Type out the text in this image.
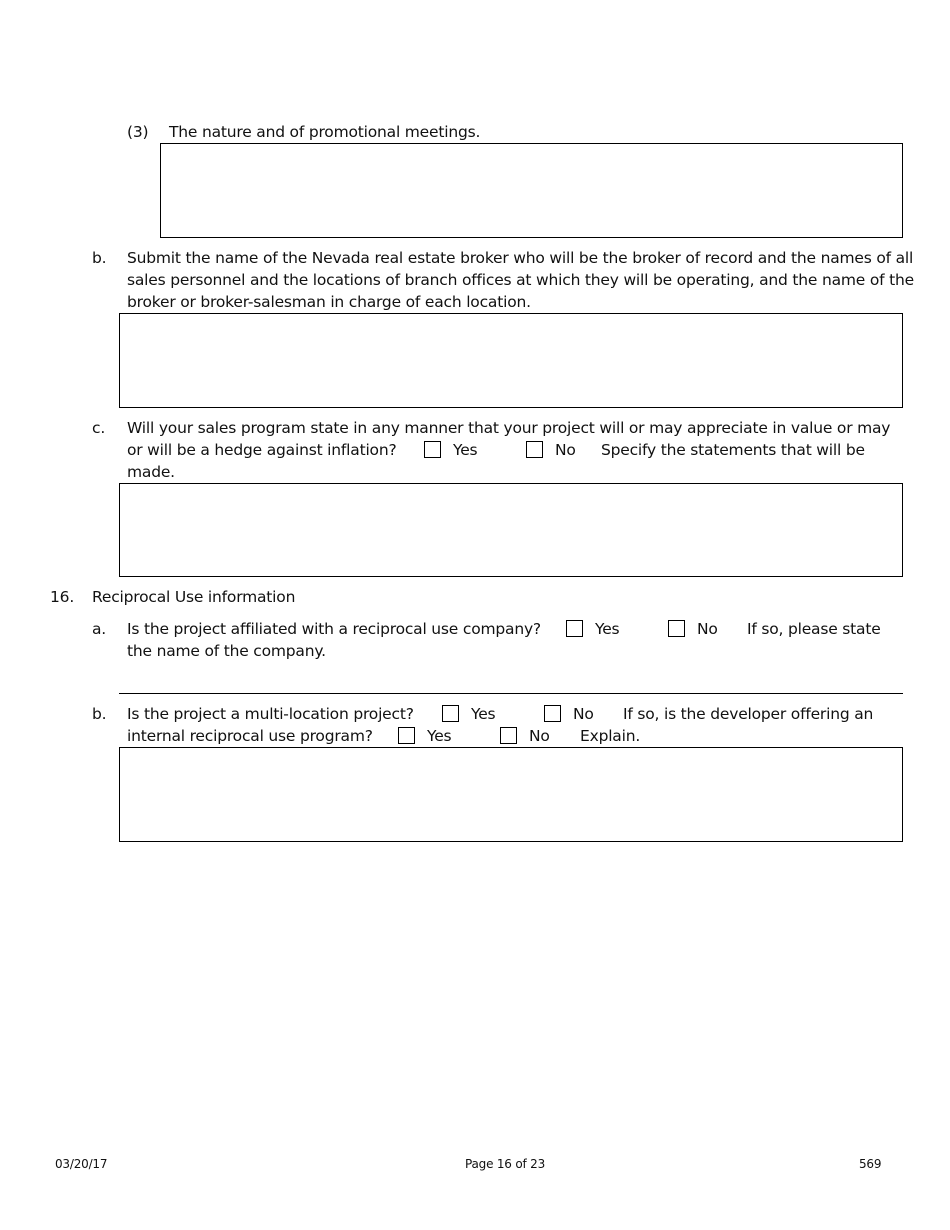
(3) The nature and of promotional meetings.
b. Submit the name of the Nevada real estate broker who will be the broker of record and the names of all
sales personnel and the locations of branch offices at which they will be operating, and the name of the
broker or broker-salesman in charge of each location.
c. Will your sales program state in any manner that your project will or may appreciate in value or may
or will be a hedge against inflation?	Yes	No Specify the statements that will be
made.
16. Reciprocal Use information
a. Is the project affiliated with a reciprocal use company?	Yes	No If so, please state
the name of the company.
b. Is the project a multi-location project?	Yes	No If so, is the developer offering an
internal reciprocal use program?	Yes	No Explain.
03/20/17	Page 16 of 23	569
